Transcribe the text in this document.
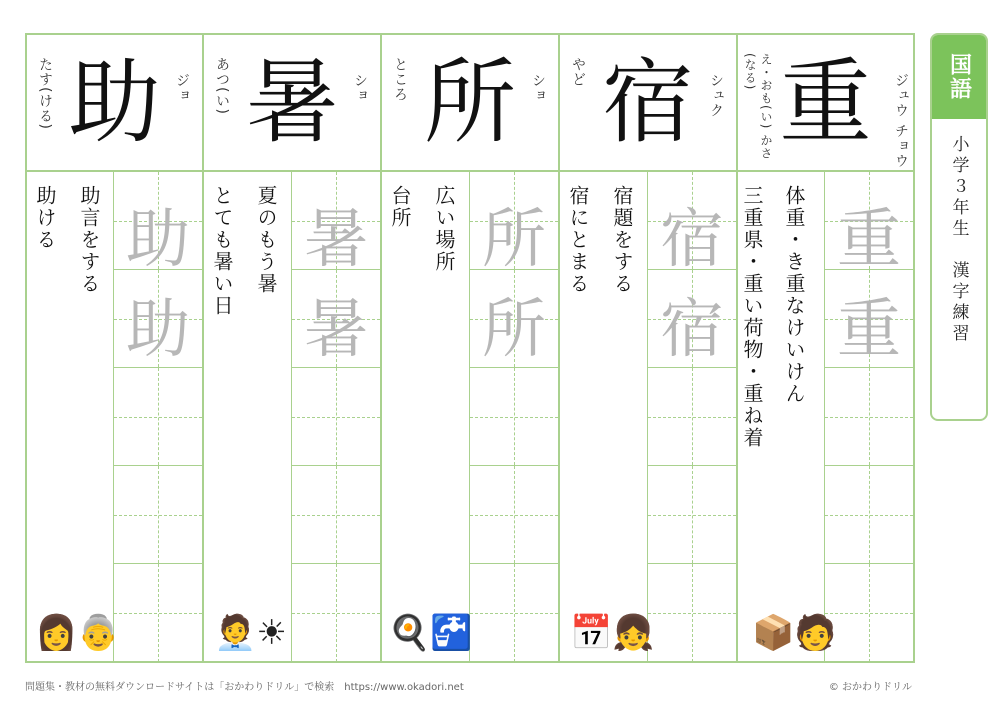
助 ジョ
たす(ける)
助ける 助言をする 助
助
👩👵
暑 ショ
あつ(い)
とても暑い日 夏のもう暑 暑
暑
🧑‍💼☀
所 ショ
ところ
台所 広い場所 所
所
🍳🚰
宿 シュク
やど
宿にとまる 宿題をする 宿
宿
📅👧
重 ジュウ チョウ
え・おも(い) かさ(なる)
三重県・重い荷物・重ね着 体重・き重なけいけん 重
重
📦🧑
国語
小学３年生　漢字練習
問題集・教材の無料ダウンロードサイトは「おかわりドリル」で検索　https://www.okadori.net	© おかわりドリル
